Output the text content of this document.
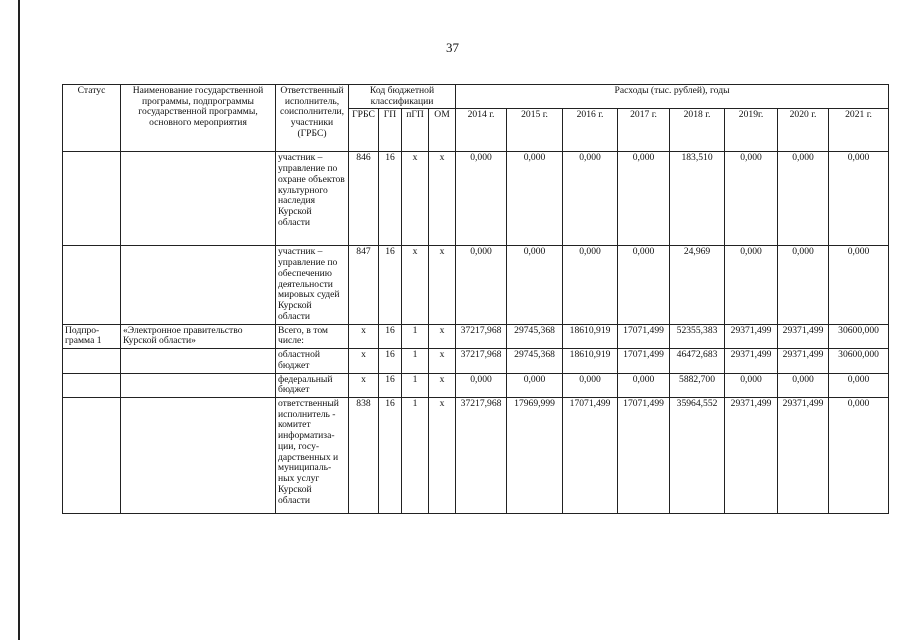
37
Статус	Наименование государственной программы, подпрограммы государственной программы, основного мероприятия	Ответственный исполнитель, соисполнители, участники (ГРБС)	Код бюджетной классификации				Расходы (тыс. рублей), годы							
			ГРБС	ГП	пГП	ОМ	2014 г.	2015 г.	2016 г.	2017 г.	2018 г.	2019г.	2020 г.	2021 г.
		участник – управление по охране объектов культурного наследия Курской области	846	16	х	х	0,000	0,000	0,000	0,000	183,510	0,000	0,000	0,000
		участник – управление по обеспечению деятельности мировых судей Курской области	847	16	х	х	0,000	0,000	0,000	0,000	24,969	0,000	0,000	0,000
Подпро-грамма 1	«Электронное правительство Курской области»	Всего, в том числе:	х	16	1	х	37217,968	29745,368	18610,919	17071,499	52355,383	29371,499	29371,499	30600,000
		областной бюджет	х	16	1	х	37217,968	29745,368	18610,919	17071,499	46472,683	29371,499	29371,499	30600,000
		федеральный бюджет	х	16	1	х	0,000	0,000	0,000	0,000	5882,700	0,000	0,000	0,000
		ответственный исполнитель - комитет информатиза-ции, госу-дарственных и муниципаль-ных услуг Курской области	838	16	1	х	37217,968	17969,999	17071,499	17071,499	35964,552	29371,499	29371,499	0,000
